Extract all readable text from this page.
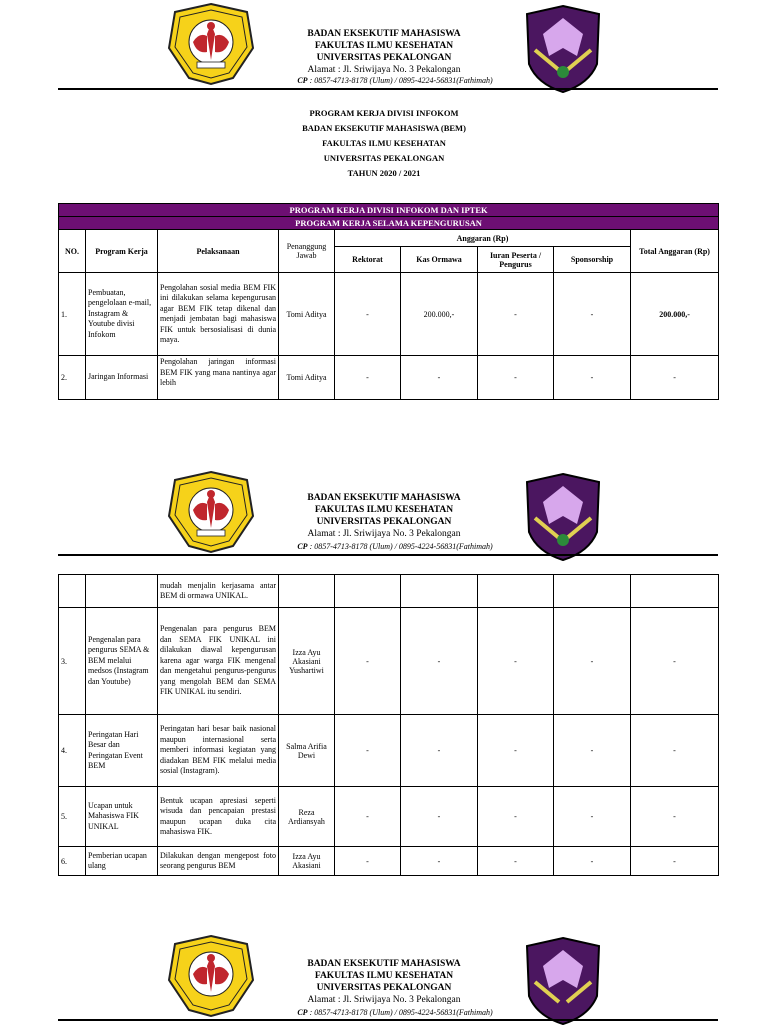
BADAN EKSEKUTIF MAHASISWA
FAKULTAS ILMU KESEHATAN
UNIVERSITAS PEKALONGAN
Alamat : Jl. Sriwijaya No. 3 Pekalongan
CP : 0857-4713-8178 (Ulum) / 0895-4224-56831(Fathimah)
PROGRAM KERJA DIVISI INFOKOM
BADAN EKSEKUTIF MAHASISWA (BEM)
FAKULTAS ILMU KESEHATAN
UNIVERSITAS PEKALONGAN
TAHUN 2020 / 2021
PROGRAM KERJA DIVISI INFOKOM DAN IPTEK								
PROGRAM KERJA SELAMA KEPENGURUSAN								
NO.	Program Kerja	Pelaksanaan	Penanggung Jawab	Anggaran (Rp)				Total Anggaran (Rp)
				Rektorat	Kas Ormawa	Iuran Peserta / Pengurus	Sponsorship	
1.	Pembuatan, pengelolaan e-mail, Instagram & Youtube divisi Infokom	Pengolahan sosial media BEM FIK ini dilakukan selama kepengurusan agar BEM FIK tetap dikenal dan menjadi jembatan bagi mahasiswa FIK untuk bersosialisasi di dunia maya.	Tomi Aditya	-	200.000,-	-	-	200.000,-
2.	Jaringan Informasi	Pengolahan jaringan informasi BEM FIK yang mana nantinya agar lebih	Tomi Aditya	-	-	-	-	-
BADAN EKSEKUTIF MAHASISWA
FAKULTAS ILMU KESEHATAN
UNIVERSITAS PEKALONGAN
Alamat : Jl. Sriwijaya No. 3 Pekalongan
CP : 0857-4713-8178 (Ulum) / 0895-4224-56831(Fathimah)
		mudah menjalin kerjasama antar BEM di ormawa UNIKAL.						
3.	Pengenalan para pengurus SEMA & BEM melalui medsos (Instagram dan Youtube)	Pengenalan para pengurus BEM dan SEMA FIK UNIKAL ini dilakukan diawal kepengurusan karena agar warga FIK mengenal dan mengetahui pengurus-pengurus yang mengolah BEM dan SEMA FIK UNIKAL itu sendiri.	Izza Ayu Akasiani Yushartiwi	-	-	-	-	-
4.	Peringatan Hari Besar dan Peringatan Event BEM	Peringatan hari besar baik nasional maupun internasional serta memberi informasi kegiatan yang diadakan BEM FIK melalui media sosial (Instagram).	Salma Arifia Dewi	-	-	-	-	-
5.	Ucapan untuk Mahasiswa FIK UNIKAL	Bentuk ucapan apresiasi seperti wisuda dan pencapaian prestasi maupun ucapan duka cita mahasiswa FIK.	Reza Ardiansyah	-	-	-	-	-
6.	Pemberian ucapan ulang	Dilakukan dengan mengepost foto seorang pengurus BEM	Izza Ayu Akasiani	-	-	-	-	-
BADAN EKSEKUTIF MAHASISWA
FAKULTAS ILMU KESEHATAN
UNIVERSITAS PEKALONGAN
Alamat : Jl. Sriwijaya No. 3 Pekalongan
CP : 0857-4713-8178 (Ulum) / 0895-4224-56831(Fathimah)
